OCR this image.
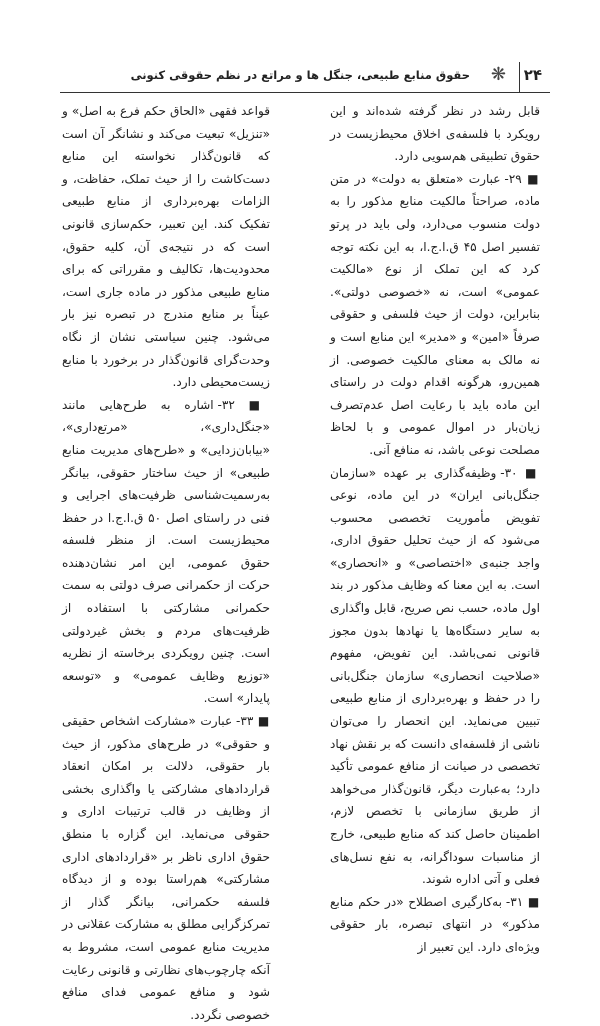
۲۴
❋
حقوق منابع طبیعی، جنگل ها و مراتع در نظم حقوقی کنونی

قابل رشد در نظر گرفته شده‌اند و این رویکرد با فلسفه‌ی اخلاق محیط‌زیست در حقوق تطبیقی هم‌سویی دارد.

■ ۲۹- عبارت «متعلق به دولت» در متن ماده، صراحتاً مالکیت منابع مذکور را به دولت منسوب می‌دارد، ولی باید در پرتو تفسیر اصل ۴۵ ق.ا.ج.ا، به این نکته توجه کرد که این تملک از نوع «مالکیت عمومی» است، نه «خصوصی دولتی». بنابراین، دولت از حیث فلسفی و حقوقی صرفاً «امین» و «مدیر» این منابع است و نه مالک به معنای مالکیت خصوصی. از همین‌رو، هرگونه اقدام دولت در راستای این ماده باید با رعایت اصل عدم‌تصرف زیان‌بار در اموال عمومی و با لحاظ مصلحت نوعی باشد، نه منافع آنی.

■ ۳۰- وظیفه‌گذاری بر عهده «سازمان جنگل‌بانی ایران» در این ماده، نوعی تفویض مأموریت تخصصی محسوب می‌شود که از حیث تحلیل حقوق اداری، واجد جنبه‌ی «اختصاصی» و «انحصاری» است. به این معنا که وظایف مذکور در بند اول ماده، حسب نص صریح، قابل واگذاری به سایر دستگاه‌ها یا نهادها بدون مجوز قانونی نمی‌باشد. این تفویض، مفهوم «صلاحیت انحصاری» سازمان جنگل‌بانی را در حفظ و بهره‌برداری از منابع طبیعی تبیین می‌نماید. این انحصار را می‌توان ناشی از فلسفه‌ای دانست که بر نقش نهاد تخصصی در صیانت از منافع عمومی تأکید دارد؛ به‌عبارت دیگر، قانون‌گذار می‌خواهد از طریق سازمانی با تخصص لازم، اطمینان حاصل کند که منابع طبیعی، خارج از مناسبات سوداگرانه، به نفع نسل‌های فعلی و آتی اداره شوند.

■ ۳۱- به‌کارگیری اصطلاح «در حکم منابع مذکور» در انتهای تبصره، بار حقوقی ویژه‌ای دارد. این تعبیر از

قواعد فقهی «الحاق حکم فرع به اصل» و «تنزیل» تبعیت می‌کند و نشانگر آن است که قانون‌گذار نخواسته این منابع دست‌کاشت را از حیث تملک، حفاظت، و الزامات بهره‌برداری از منابع طبیعی تفکیک کند. این تعبیر، حکم‌سازی قانونی است که در نتیجه‌ی آن، کلیه حقوق، محدودیت‌ها، تکالیف و مقرراتی که برای منابع طبیعی مذکور در ماده جاری است، عیناً بر منابع مندرج در تبصره نیز بار می‌شود. چنین سیاستی نشان از نگاه وحدت‌گرای قانون‌گذار در برخورد با منابع زیست‌محیطی دارد.

■ ۳۲- اشاره به طرح‌هایی مانند «جنگل‌داری»، «مرتع‌داری»، «بیابان‌زدایی» و «طرح‌های مدیریت منابع طبیعی» از حیث ساختار حقوقی، بیانگر به‌رسمیت‌شناسی ظرفیت‌های اجرایی و فنی در راستای اصل ۵۰ ق.ا.ج.ا در حفظ محیط‌زیست است. از منظر فلسفه حقوق عمومی، این امر نشان‌دهنده حرکت از حکمرانی صرف دولتی به سمت حکمرانی مشارکتی با استفاده از ظرفیت‌های مردم و بخش غیردولتی است. چنین رویکردی برخاسته از نظریه «توزیع وظایف عمومی» و «توسعه پایدار» است.

■ ۳۳- عبارت «مشارکت اشخاص حقیقی و حقوقی» در طرح‌های مذکور، از حیث بار حقوقی، دلالت بر امکان انعقاد قراردادهای مشارکتی یا واگذاری بخشی از وظایف در قالب ترتیبات اداری و حقوقی می‌نماید. این گزاره با منطق حقوق اداری ناظر بر «قراردادهای اداری مشارکتی» هم‌راستا بوده و از دیدگاه فلسفه حکمرانی، بیانگر گذار از تمرکزگرایی مطلق به مشارکت عقلانی در مدیریت منابع عمومی است، مشروط به آنکه چارچوب‌های نظارتی و قانونی رعایت شود و منافع عمومی فدای منافع خصوصی نگردد.
